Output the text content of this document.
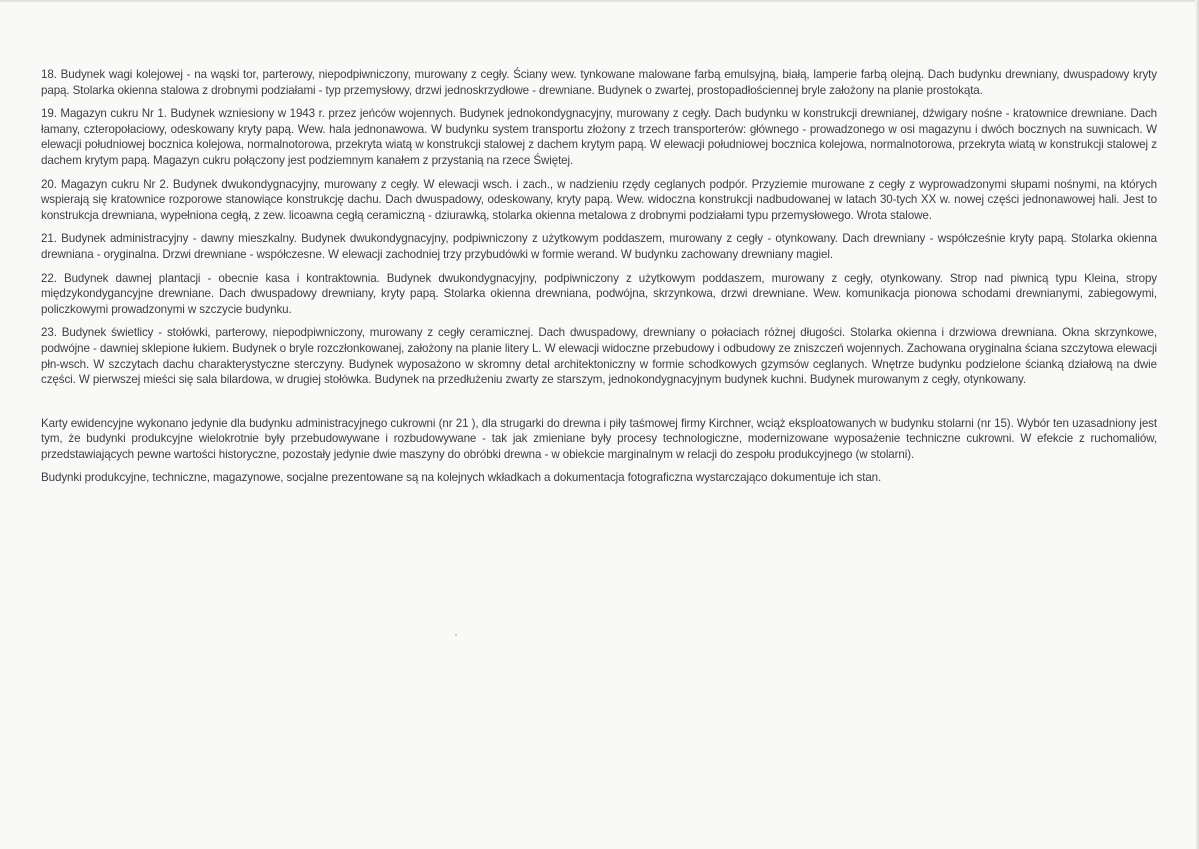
18. Budynek wagi kolejowej - na wąski tor, parterowy, niepodpiwniczony, murowany z cegły. Ściany wew. tynkowane malowane farbą emulsyjną, białą, lamperie farbą olejną. Dach budynku drewniany, dwuspadowy kryty papą. Stolarka okienna stalowa z drobnymi podziałami - typ przemysłowy, drzwi jednoskrzydłowe - drewniane. Budynek o zwartej, prostopadłościennej bryle założony na planie prostokąta.

19. Magazyn cukru Nr 1. Budynek wzniesiony w 1943 r. przez jeńców wojennych. Budynek jednokondygnacyjny, murowany z cegły. Dach budynku w konstrukcji drewnianej, dźwigary nośne - kratownice drewniane. Dach łamany, czteropołaciowy, odeskowany kryty papą. Wew. hala jednonawowa. W budynku system transportu złożony z trzech transporterów: głównego - prowadzonego w osi magazynu i dwóch bocznych na suwnicach. W elewacji południowej bocznica kolejowa, normalnotorowa, przekryta wiatą w konstrukcji stalowej z dachem krytym papą. W elewacji południowej bocznica kolejowa, normalnotorowa, przekryta wiatą w konstrukcji stalowej z dachem krytym papą. Magazyn cukru połączony jest podziemnym kanałem z przystanią na rzece Świętej.

20. Magazyn cukru Nr 2. Budynek dwukondygnacyjny, murowany z cegły. W elewacji wsch. i zach., w nadzieniu rzędy ceglanych podpór. Przyziemie murowane z cegły z wyprowadzonymi słupami nośnymi, na których wspierają się kratownice rozporowe stanowiące konstrukcję dachu. Dach dwuspadowy, odeskowany, kryty papą. Wew. widoczna konstrukcji nadbudowanej w latach 30-tych XX w. nowej części jednonawowej hali. Jest to konstrukcja drewniana, wypełniona cegłą, z zew. licoawna cegłą ceramiczną - dziurawką, stolarka okienna metalowa z drobnymi podziałami typu przemysłowego. Wrota stalowe.

21. Budynek administracyjny - dawny mieszkalny. Budynek dwukondygnacyjny, podpiwniczony z użytkowym poddaszem, murowany z cegły - otynkowany. Dach drewniany - współcześnie kryty papą. Stolarka okienna drewniana - oryginalna. Drzwi drewniane - współczesne. W elewacji zachodniej trzy przybudówki w formie werand. W budynku zachowany drewniany magiel.

22. Budynek dawnej plantacji - obecnie kasa i kontraktownia. Budynek dwukondygnacyjny, podpiwniczony z użytkowym poddaszem, murowany z cegły, otynkowany. Strop nad piwnicą typu Kleina, stropy międzykondygancyjne drewniane. Dach dwuspadowy drewniany, kryty papą. Stolarka okienna drewniana, podwójna, skrzynkowa, drzwi drewniane. Wew. komunikacja pionowa schodami drewnianymi, zabiegowymi, policzkowymi prowadzonymi w szczycie budynku.

23. Budynek świetlicy - stołówki, parterowy, niepodpiwniczony, murowany z cegły ceramicznej. Dach dwuspadowy, drewniany o połaciach różnej długości. Stolarka okienna i drzwiowa drewniana. Okna skrzynkowe, podwójne - dawniej sklepione łukiem. Budynek o bryle rozczłonkowanej, założony na planie litery L. W elewacji widoczne przebudowy i odbudowy ze zniszczeń wojennych. Zachowana oryginalna ściana szczytowa elewacji płn-wsch. W szczytach dachu charakterystyczne sterczyny. Budynek wyposażono w skromny detal architektoniczny w formie schodkowych gzymsów ceglanych. Wnętrze budynku podzielone ścianką działową na dwie części. W pierwszej mieści się sala bilardowa, w drugiej stołówka. Budynek na przedłużeniu zwarty ze starszym, jednokondygnacyjnym budynek kuchni. Budynek murowanym z cegły, otynkowany.

Karty ewidencyjne wykonano jedynie dla budynku administracyjnego cukrowni (nr 21 ), dla strugarki do drewna i piły taśmowej firmy Kirchner, wciąż eksploatowanych w budynku stolarni (nr 15). Wybór ten uzasadniony jest tym, że budynki produkcyjne wielokrotnie były przebudowywane i rozbudowywane - tak jak zmieniane były procesy technologiczne, modernizowane wyposażenie techniczne cukrowni. W efekcie z ruchomaliów, przedstawiających pewne wartości historyczne, pozostały jedynie dwie maszyny do obróbki drewna - w obiekcie marginalnym w relacji do zespołu produkcyjnego (w stolarni).

Budynki produkcyjne, techniczne, magazynowe, socjalne prezentowane są na kolejnych wkładkach a dokumentacja fotograficzna wystarczająco dokumentuje ich stan.
